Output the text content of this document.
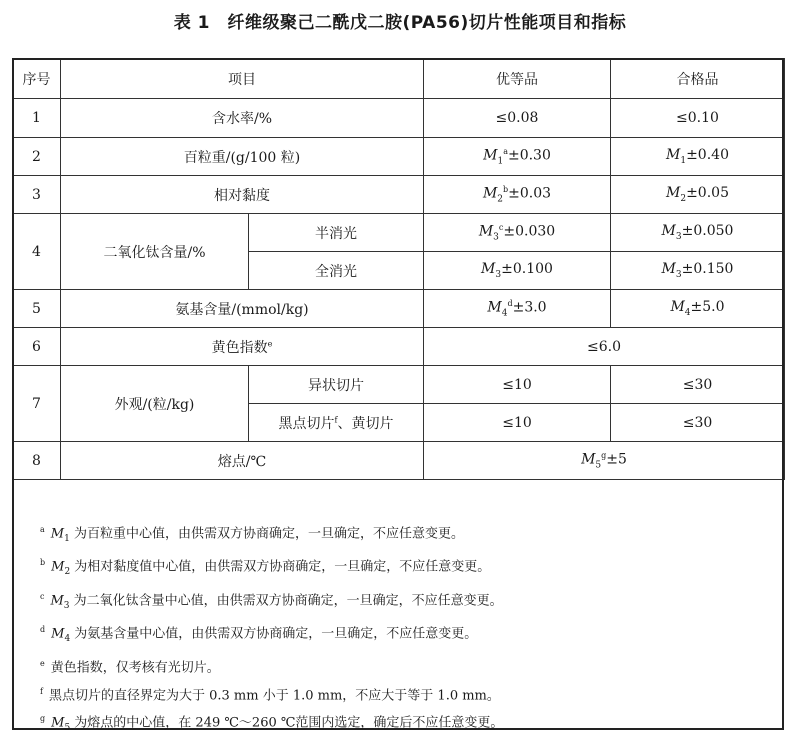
表 1　纤维级聚己二酰戊二胺(PA56)切片性能项目和指标
序号	项目		优等品	合格品
1	含水率/%		≤0.08	≤0.10
2	百粒重/(g/100 粒)		$M_1^a\pm 0.30$	$M_1\pm 0.40$
3	相对黏度		$M_2^b\pm 0.03$	$M_2\pm 0.05$
4	二氧化钛含量/%	半消光	$M_3^c\pm 0.030$	$M_3\pm 0.050$
		全消光	$M_3\pm 0.100$	$M_3\pm 0.150$
5	氨基含量/(mmol/kg)		$M_4^d\pm 3.0$	$M_4\pm 5.0$
6	黄色指数$^e$		≤6.0	
7	外观/(粒/kg)	异状切片	≤10	≤30
		黑点切片$^f$、黄切片	≤10	≤30
8	熔点/℃		$M_5^g\pm 5$	
$^a$ $M_1$ 为百粒重中心值，由供需双方协商确定，一旦确定，不应任意变更。
$^b$ $M_2$ 为相对黏度值中心值，由供需双方协商确定，一旦确定，不应任意变更。
$^c$ $M_3$ 为二氧化钛含量中心值，由供需双方协商确定，一旦确定，不应任意变更。
$^d$ $M_4$ 为氨基含量中心值，由供需双方协商确定，一旦确定，不应任意变更。
$^e$ 黄色指数，仅考核有光切片。
$^f$ 黑点切片的直径界定为大于 0.3 mm 小于 1.0 mm，不应大于等于 1.0 mm。
$^g$ $M_5$ 为熔点的中心值，在 249 ℃～260 ℃范围内选定，确定后不应任意变更。
